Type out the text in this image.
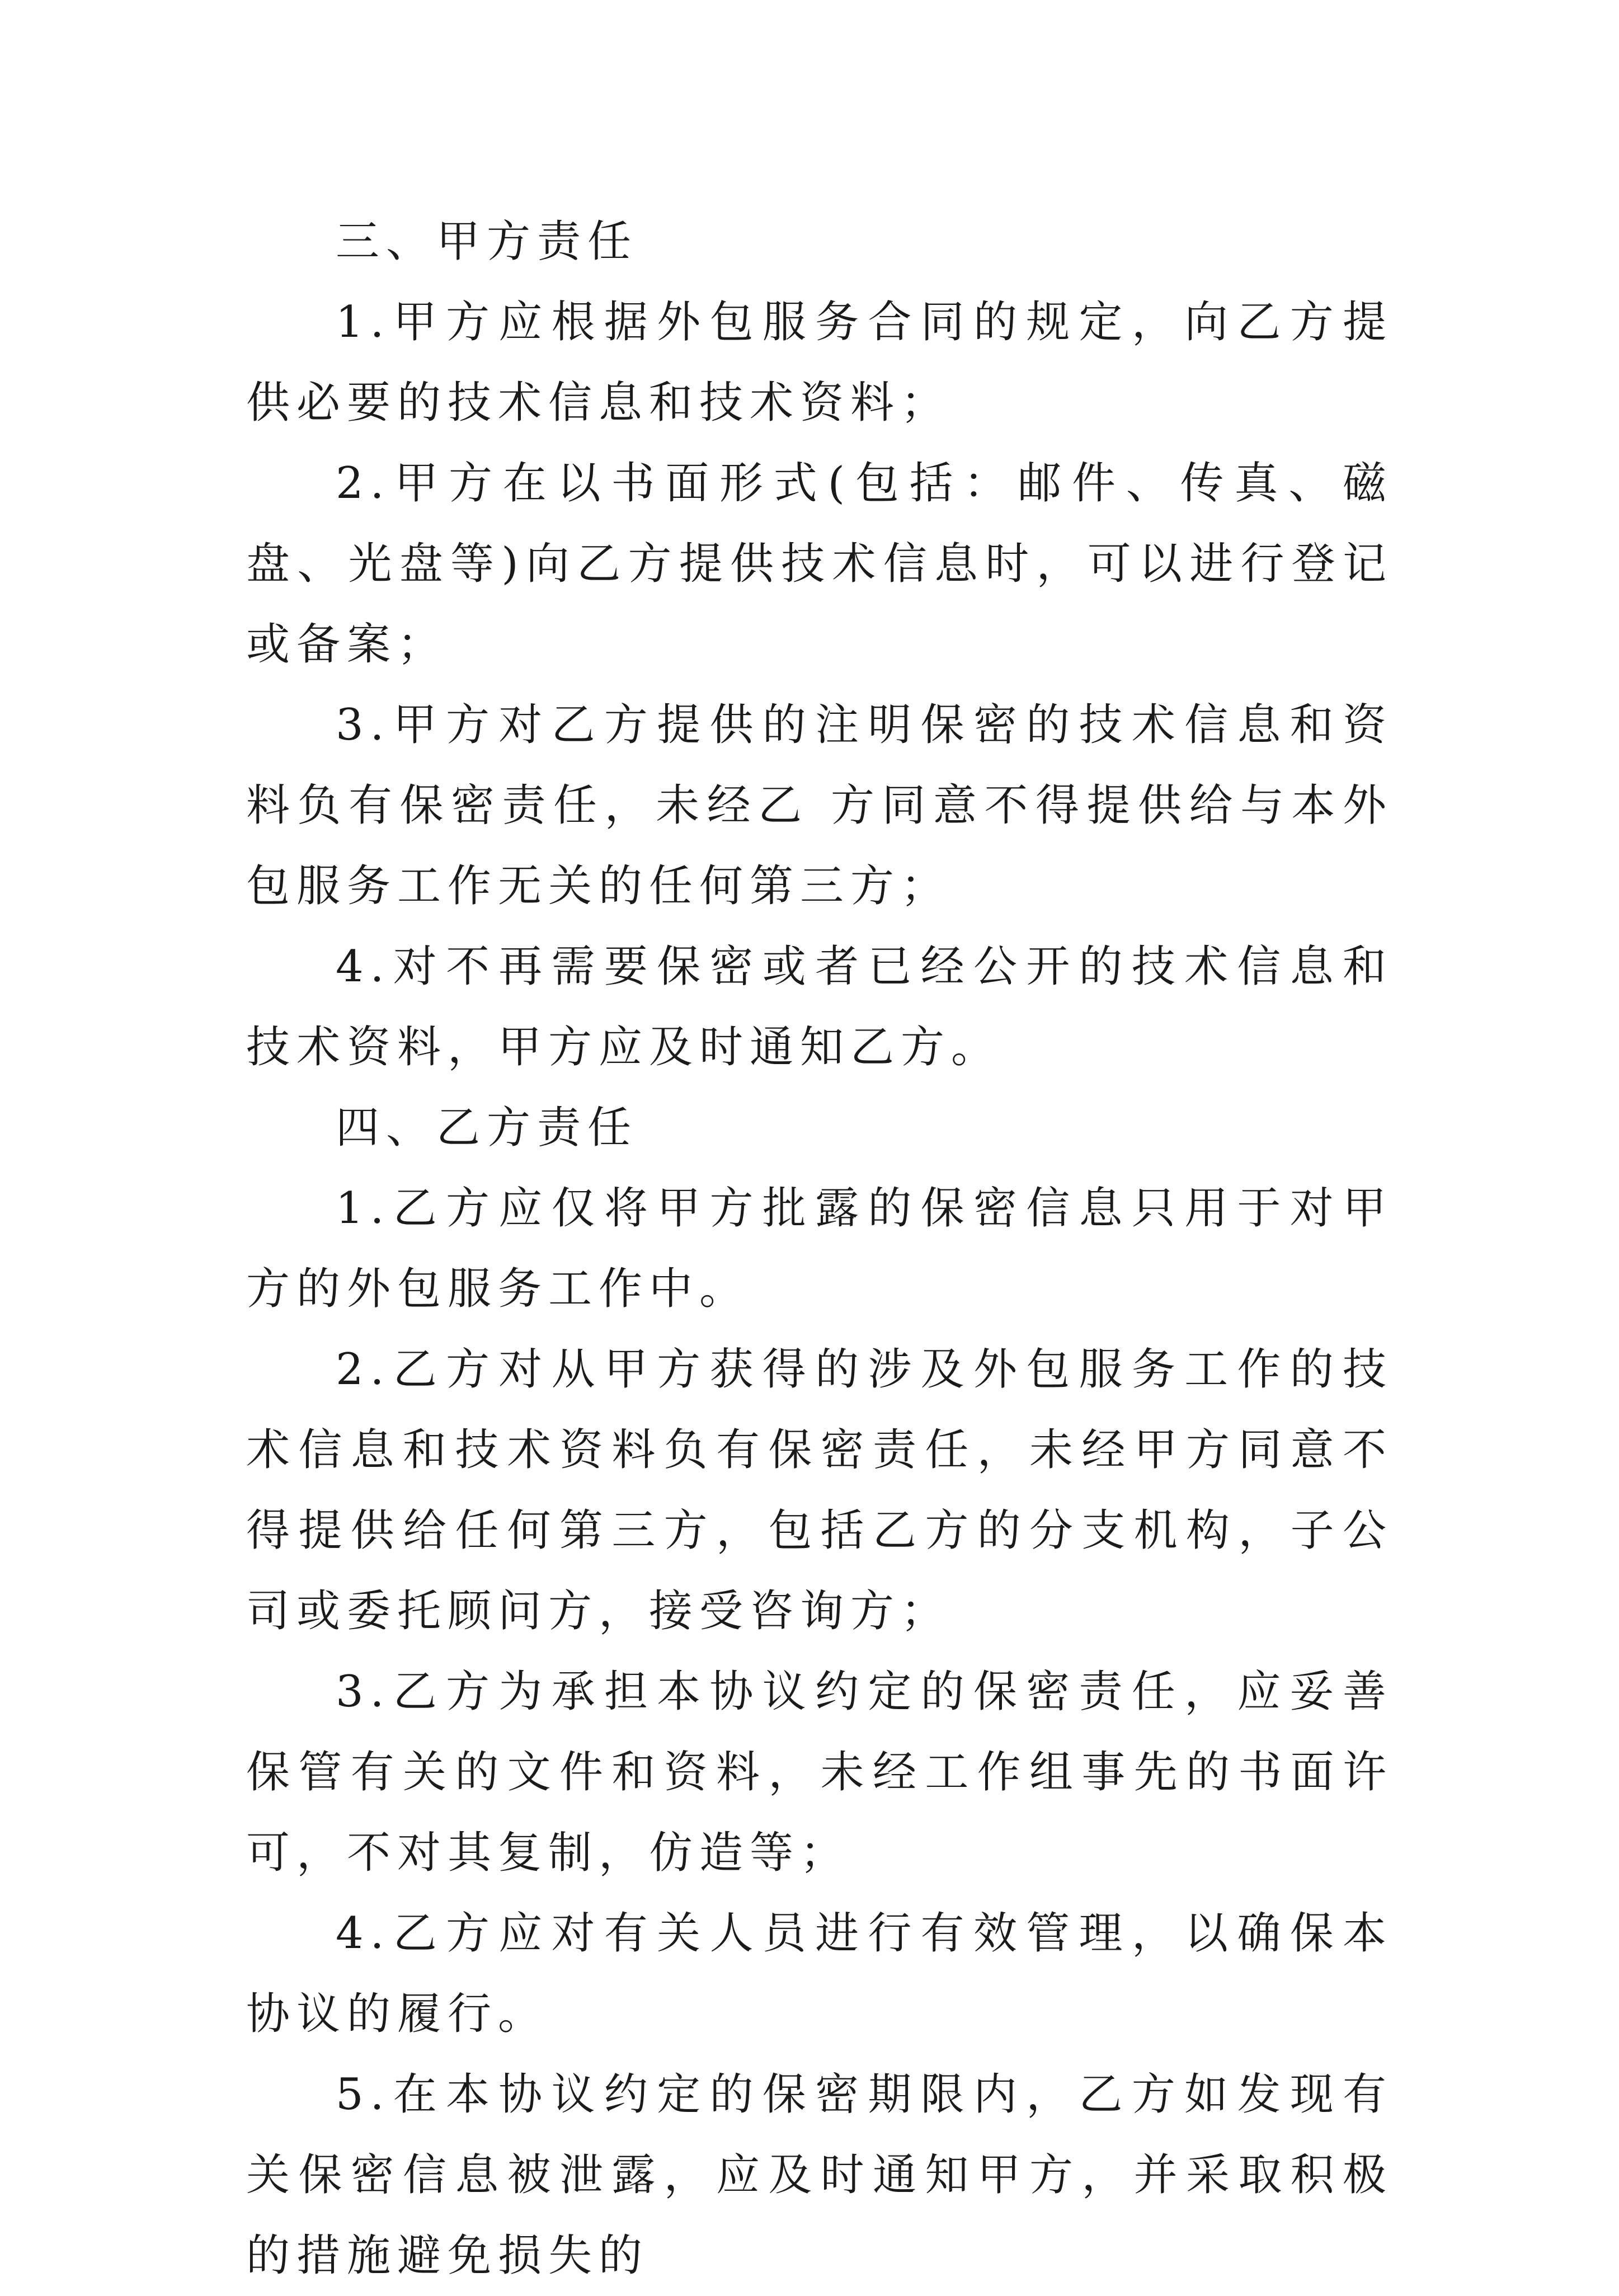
三、甲方责任

1.甲方应根据外包服务合同的规定，向乙方提供必要的技术信息和技术资料；

2.甲方在以书面形式(包括：邮件、传真、磁盘、光盘等)向乙方提供技术信息时，可以进行登记或备案；

3.甲方对乙方提供的注明保密的技术信息和资料负有保密责任，未经乙 方同意不得提供给与本外包服务工作无关的任何第三方；

4.对不再需要保密或者已经公开的技术信息和技术资料，甲方应及时通知乙方。

四、乙方责任

1.乙方应仅将甲方批露的保密信息只用于对甲方的外包服务工作中。

2.乙方对从甲方获得的涉及外包服务工作的技术信息和技术资料负有保密责任，未经甲方同意不得提供给任何第三方，包括乙方的分支机构，子公司或委托顾问方，接受咨询方；

3.乙方为承担本协议约定的保密责任，应妥善保管有关的文件和资料，未经工作组事先的书面许可，不对其复制，仿造等；

4.乙方应对有关人员进行有效管理，以确保本协议的履行。

5.在本协议约定的保密期限内，乙方如发现有关保密信息被泄露，应及时通知甲方，并采取积极的措施避免损失的
